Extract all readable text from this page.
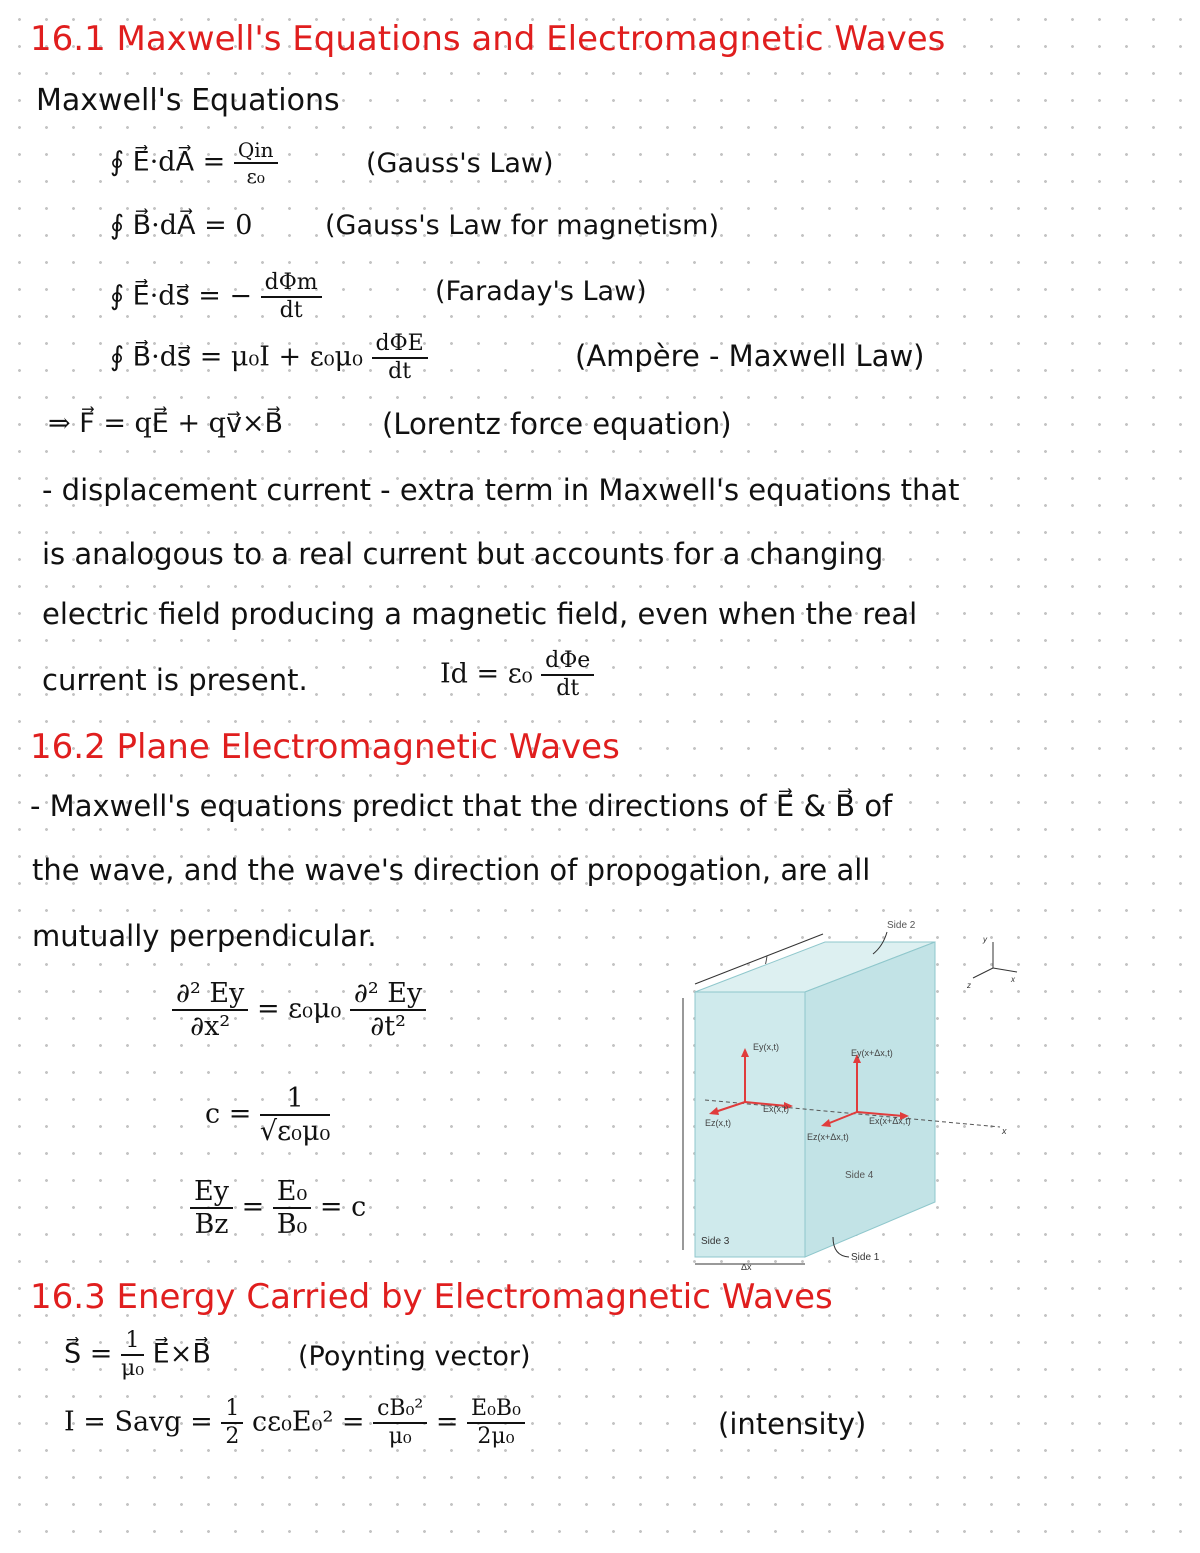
16.1 Maxwell's Equations and Electromagnetic Waves
Maxwell's Equations
∮ E⃗·dA⃗ = $\frac{\text{Qin}}{\text{ε₀}}$	(Gauss's Law)
∮ B⃗·dA⃗ = 0	(Gauss's Law for magnetism)
∮ E⃗·ds⃗ = − $\frac{\text{dΦm}}{dt}$	(Faraday's Law)
∮ B⃗·ds⃗ = $\mu_0I + \varepsilon_0\mu_0 \frac{\text{dΦE}}{dt}$	(Ampère - Maxwell Law)
⇒ F⃗ = qE⃗ + qv⃗×B⃗	(Lorentz force equation)
- displacement current - extra term in Maxwell's equations that
is analogous to a real current but accounts for a changing
electric field producing a magnetic field, even when the real
current is present.	$Id = \varepsilon_0 \frac{\text{dΦe}}{dt}$
16.2 Plane Electromagnetic Waves
- Maxwell's equations predict that the directions of E⃗ & B⃗ of
the wave, and the wave's direction of propogation, are all
mutually perpendicular.
$\frac{\text{∂² Ey}}{\text{∂x²}} = \varepsilon_0\mu_0 \frac{\text{∂² Ey}}{\text{∂t²}}$
$c = \frac{1}{\text{√ε₀μ₀}}$
$\frac{Ey}{Bz} = \frac{\text{E₀}}{\text{B₀}} = c$
l
x
Ey(x,t)
Ey(x+Δx,t)
Ex(x,t)
Ex(x+Δx,t)
Ez(x,t)
Ez(x+Δx,t)
Side 2
Side 4
Side 3
Side 1
Δx
y
x
z
16.3 Energy Carried by Electromagnetic Waves
S⃗ = $\frac{1}{\text{μ₀}}$ E⃗×B⃗	(Poynting vector)
I = Savg = $\frac{1}{2} c\varepsilon_0E_0^2 = \frac{\text{cB₀²}}{\text{μ₀}} = \frac{\text{E₀B₀}}{\text{2μ₀}}$	(intensity)
